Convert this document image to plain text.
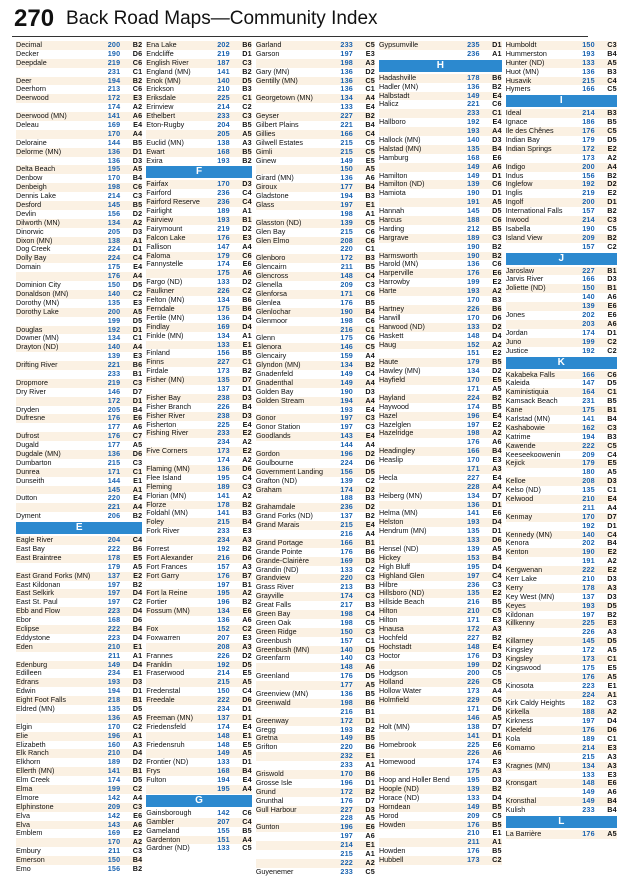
270 Back Road Maps—Community Index
Decimal	200	B2
Decker	190	D6
Deepdale	219	C6
231	C1
Deer	194	B2
Deerhorn	213	C6
Deerwood	172	E3
174	A2
Deerwood (MN)	141	A6
Deleau	169	E4
170	A4
Deloraine	144	B5
Delorme (MN)	136	D1
136	D3
Delta Beach	195	A5
Denbow	170	B4
Denbeigh	198	C6
Dennis Lake	214	C3
Desford	145	B5
Devlin	156	D2
Dilworth (MN)	134	A2
Dinorwic	205	D3
Dixon (MN)	138	A1
Dog Creek	224	D1
Dolly Bay	224	C4
Domain	175	E4
176	A4
Dominion City	150	D5
Donaldson (MN)	140	C2
Dorothy (MN)	135	E3
Dorothy Lake	200	A5
199	D5
Douglas	192	D1
Downer (MN)	134	C1
Drayton (ND)	140	A4
139	E3
Drifting River	221	B6
233	B1
Dropmore	219	C3
Dry River	146	D7
172	D1
Dryden	205	B4
Dufresne	176	E6
177	A6
Dufrost	176	C7
Dugald	177	A5
Dugdale (MN)	136	D6
Dumbarton	215	C3
Dunrea	171	C1
Dunseith	144	E1
145	A1
Dutton	220	E4
221	A4
Dyment	206	B2
E
Eagle River	204	C4
East Bay	222	B6
East Braintree	178	E5
179	A5
East Grand Forks (MN)	137	E2
East Kildonan	197	B2
East Selkirk	197	D4
East St. Paul	197	C2
Ebb and Flow	223	D4
Ebor	168	D6
Eclipse	222	B4
Eddystone	223	D4
Eden	210	E1
211	A1
Edenburg	149	D4
Edilleen	234	E1
Edrans	193	D3
Edwin	194	D1
Eight Foot Falls	218	B1
Eldred (MN)	135	D5
136	A5
Elgin	170	C2
Elie	196	A1
Elizabeth	160	A3
Elk Ranch	210	D4
Elkhorn	189	D2
Ellerth (MN)	141	B1
Elm Creek	174	D5
Elma	199	C2
Elmore	142	A4
Elphinstone	209	C3
Elva	142	E6
Elva	143	A6
Emblem	169	E2
170	A2
Embury	211	C3
Emerson	150	B4
Emo	156	B2
Ena Lake	202	B6
Endcliffe	219	D1
English River	187	C3
England (MN)	141	B2
Enok (MN)	140	D5
Erickson	210	B3
Eriksdale	225	C1
Erinview	214	C2
Ethelbert	233	C3
Eton-Rugby	204	B5
205	A5
Euclid (MN)	138	A3
Ewart	168	B5
Exira	193	B2
F
Fairfax	170	D3
Fairford	236	C4
Fairford Reserve	236	C4
Fairlight	189	A1
Fairview	193	B1
Fairymount	219	D2
Falcon Lake	176	E3
Fallison	147	A4
Faloma	179	C6
Fannystelle	174	E6
175	A6
Fargo (ND)	133	D2
Faulkner	226	C2
Felton (MN)	134	B6
Ferndale	175	B6
Fertile (MN)	136	D4
Findlay	169	D4
Finkle (MN)	134	A1
133	E1
Finland	156	B5
Finns	227	C1
Firdale	173	B2
Fisher (MN)	135	D7
137	D1
Fisher Bay	238	D3
Fisher Branch	226	B4
Fisher River	238	D3
Fisherton	225	E4
Fishing River	233	E2
234	A2
Five Corners	173	E2
174	A2
Flaming (MN)	136	D6
Flee Island	195	C4
Fleming	189	C3
Florian (MN)	141	A2
Florze	178	B2
Foldahl (MN)	141	B3
Foley	215	B4
Fork River	233	E3
234	A3
Forrest	192	B2
Fort Alexander	216	D6
Fort Frances	157	A3
Fort Garry	176	B7
197	B1
Fort la Reine	195	A2
Fortier	196	B2
Fossum (MN)	134	E6
136	A6
Fox	152	C2
Foxwarren	207	E3
208	A3
Frannes	226	D2
Franklin	192	D5
Fraserwood	214	E5
215	A5
Fredenstal	150	C4
Freedale	222	D6
234	D1
Freeman (MN)	137	D1
Friedensfeld	174	E4
148	E1
Friedensruh	148	E5
149	A5
Frontier (ND)	133	D1
Frys	168	B4
Fulton	194	E4
195	A4
G
Gainsborough	142	C6
Gambler	207	C4
Gameland	155	B5
Gardenton	151	A4
Gardner (ND)	133	C5
Garland	233	C5
Garson	197	E3
198	A3
Gary (MN)	136	D2
Gentilly (MN)	136	C5
136	C1
Georgetown (MN)	134	A4
133	E4
Geyser	227	B2
Gilbert Plains	221	B4
Gillies	166	C4
Gilwell Estates	215	C5
Gimli	215	C5
Ginew	149	E5
150	A5
Girard (MN)	136	A6
Giroux	177	B4
Gladstone	194	B3
Glass	197	E1
198	A1
Glasston (ND)	139	C5
Glen Bay	215	C6
Glen Elmo	208	C6
220	C1
Glenboro	172	B3
Glencairn	211	B5
Glencross	148	C4
Glenella	209	C3
Glenforsa	171	C6
Glenlea	176	B5
Glenlochar	190	B4
Glenmoor	198	C6
216	C1
Glenn	175	C6
Glenora	146	C5
Glencairy	159	A4
Glyndon (MN)	134	B2
Gnadenfeld	149	C4
Gnadenthal	149	A4
Golden Bay	190	D3
Golden Stream	194	A4
193	E4
Gonor	197	C3
Gonor Station	197	C3
Goodlands	143	E4
144	A4
Gordon	196	D2
Goulbourne	224	D6
Government Landing	156	D5
Grafton (ND)	139	C2
Graham	174	D2
188	B3
Grahamdale	236	D2
Grand Forks (ND)	137	B2
Grand Marais	215	E4
216	A4
Grand Portage	166	B1
Grande Pointe	176	B6
Grande-Clairière	169	D3
Grandin (ND)	133	C2
Grandview	220	C3
Grass River	213	B3
Grayville	174	C3
Great Falls	217	B3
Green Bay	198	C4
Green Oak	198	C5
Green Ridge	150	C3
Greenbush	157	C1
Greenbush (MN)	140	D5
Greenfarm	140	C3
148	A6
Greenland	176	D5
177	A5
Greenview (MN)	136	B5
Greenwald	198	B6
216	B1
Greenway	172	D1
Gregg	193	B2
Gretna	149	B5
Grifton	220	B6
232	E1
233	A1
Griswold	170	B6
Grosse Isle	196	D1
Grund	172	B2
Grunthal	176	D7
Gull Harbour	227	D3
228	A5
Gunton	196	E6
197	A6
214	E1
215	A1
222	A2
Guyenemer	233	C5
Gypsumville	235	D1
236	A1
H
Hadashville	178	B6
Hadler (MN)	136	B2
Halbstadt	149	E4
Halicz	221	C6
233	C1
Hallboro	192	E4
193	A4
Hallock (MN)	140	D3
Halstad (MN)	135	B4
Hamburg	168	E6
149	A6
Hamilton	149	D1
Hamilton (ND)	139	C6
Hamiota	190	D1
191	A5
Hannah	145	D5
Harcus	188	C6
Harding	212	B5
Hargrave	189	C3
190	B2
Harmsworth	190	B2
Harold (MN)	136	C6
Harperville	176	E6
Harrowby	199	E2
Harte	193	A2
170	B3
Hartney	226	B6
Harwill	170	D6
Harwood (ND)	133	D2
Haskett	148	D4
Haug	152	A2
151	E2
Haute	179	B5
Hawley (MN)	134	D2
Hayfield	170	E5
171	A5
Hayland	224	B2
Haywood	174	B5
Hazel	196	E4
Hazelglen	197	E2
Hazelridge	198	A2
176	A6
Headingley	166	B4
Heaslip	170	E3
171	A3
Hecla	227	E4
228	A4
Heiberg (MN)	134	D7
136	D1
Helma (MN)	141	E6
Helston	193	D4
Hendrum (MN)	135	D1
133	D6
Hensel (ND)	139	A5
Hickey	153	B4
High Bluff	195	D4
Highland Glen	197	C4
Hilbre	236	C3
Hillsboro (ND)	135	E2
Hillside Beach	216	B5
Hilton	210	C5
Hilton	171	E3
Hnausa	172	A3
Hochfeld	227	B2
Hochstadt	148	E4
Hoctor	176	D3
199	D2
Hodgson	200	C5
Holland	226	C5
Hollow Water	173	A4
Holmfield	229	C5
171	D6
146	A5
Holt (MN)	138	D7
141	D1
Homebrook	225	E6
226	A6
Homewood	174	E3
175	A3
Hoop and Holler Bend	195	D3
Hoople (ND)	139	B2
Horace (ND)	133	D4
Horndean	149	B5
Horod	209	C5
Howden	176	B5
210	E1
211	A1
Howden	176	B5
Hubbell	173	C2
Humboldt	150	C3
Hummerston	193	B4
Hunter (ND)	133	A5
Huot (MN)	136	B3
Husavik	215	C4
Hymers	166	C5
I
Ideal	214	B3
Ignace	186	B5
Ile des Chênes	176	C5
Indian Bay	179	D5
Indian Springs	172	E2
173	A2
Indigo	200	A4
Indus	156	B2
Inglefow	192	D2
Inglis	219	E2
Ingolf	200	D1
International Falls	157	B2
Inwood	214	C3
Isabella	190	C5
Island View	209	B2
157	C2
J
Jaroslaw	227	B1
Jarvis River	166	D3
Joliette (ND)	150	B1
140	A6
139	E6
Jones	202	E6
203	A6
Jordan	174	D1
Juno	199	C2
Justice	192	C2
K
Kakabeka Falls	166	C6
Kaleida	147	D5
Kaministiquia	164	C1
Kamsack Beach	231	B5
Kane	175	B1
Karlstad (MN)	141	B4
Kashabowie	162	C3
Katrime	194	B3
Kawende	222	C5
Keeseekoowenin	209	C4
Kejick	179	E5
180	A5
Kelloe	208	D3
Kelso (ND)	135	C1
Kelwood	210	E4
211	A4
Kenmay	170	D7
192	D1
Kennedy (MN)	140	C4
Kenora	202	B4
Kenton	190	E2
191	A2
Kergwenan	222	E2
Kerr Lake	210	D3
Kerry	178	A3
Key West (MN)	137	D3
Keyes	193	D5
Kildonan	197	B2
Killkenny	225	E3
226	A3
Killarney	145	D5
Kingsley	172	A5
Kingsley	173	C1
Kingswood	175	E5
176	A5
Kinosota	223	E1
224	A1
Kirk Caldy Heights	182	C3
Kirkella	188	A2
Kirkness	197	D4
Kleefeld	176	D6
Kola	189	C1
Komarno	214	E3
215	A3
Kragnes (MN)	134	A3
133	E3
Kronsgart	148	E6
149	A6
Kronsthal	149	B4
Kulish	233	B4
L
La Barrière	176	A5
